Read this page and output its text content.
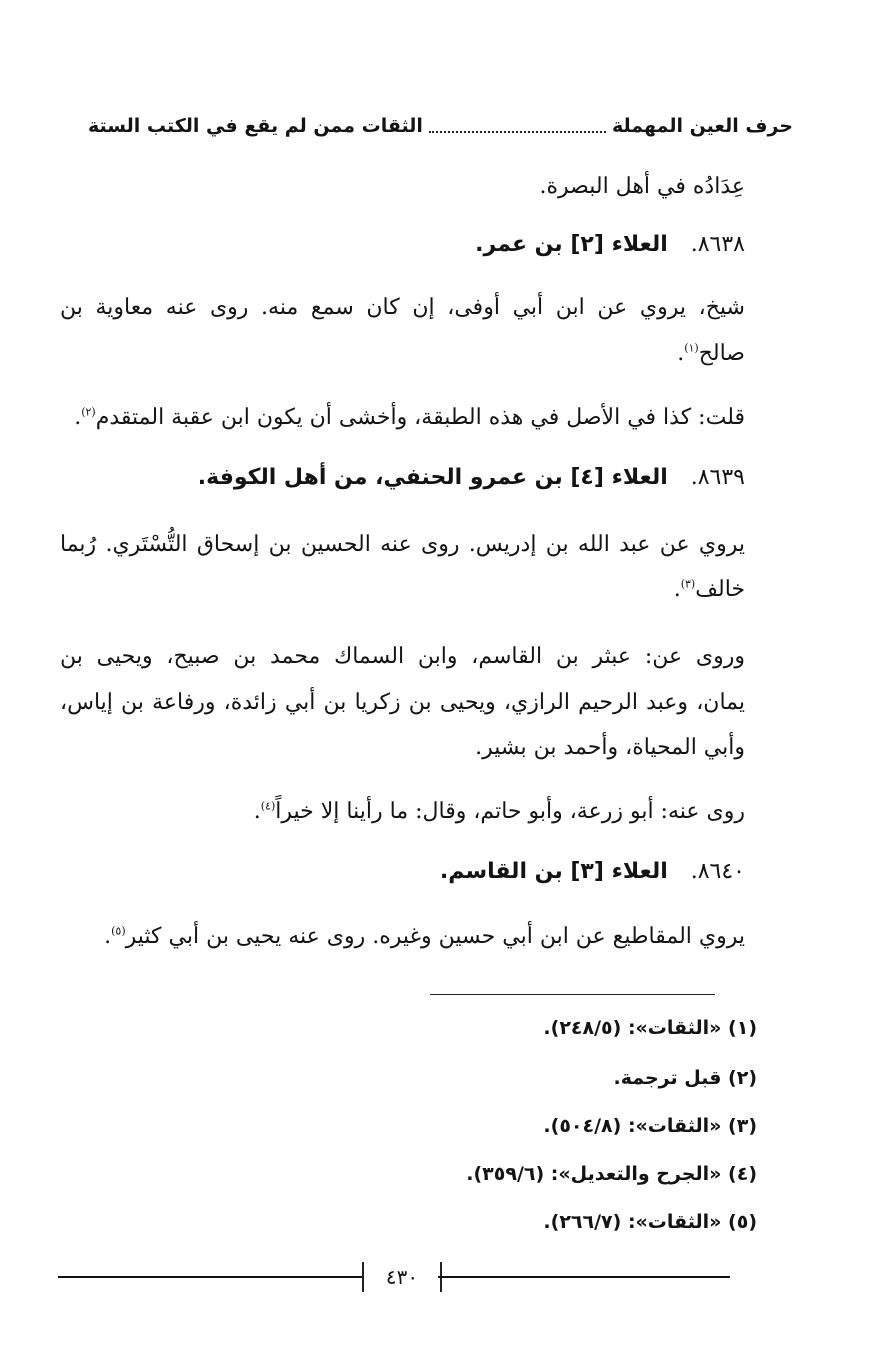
حرف العين المهملة
الثقات ممن لم يقع في الكتب الستة
عِدَادُه في أهل البصرة.
٨٦٣٨.   العلاء [٢] بن عمر.
شيخ، يروي عن ابن أبي أوفى، إن كان سمع منه. روى عنه معاوية بن
صالح$^{(١)}$.
قلت: كذا في الأصل في هذه الطبقة، وأخشى أن يكون ابن عقبة المتقدم$^{(٢)}$.
٨٦٣٩.   العلاء [٤] بن عمرو الحنفي، من أهل الكوفة.
يروي عن عبد الله بن إدريس. روى عنه الحسين بن إسحاق التُّسْتَري. رُبما
خالف$^{(٣)}$.
وروى عن: عبثر بن القاسم، وابن السماك محمد بن صبيح، ويحيى بن
يمان، وعبد الرحيم الرازي، ويحيى بن زكريا بن أبي زائدة، ورفاعة بن إياس،
وأبي المحياة، وأحمد بن بشير.
روى عنه: أبو زرعة، وأبو حاتم، وقال: ما رأينا إلا خيراً$^{(٤)}$.
٨٦٤٠.   العلاء [٣] بن القاسم.
يروي المقاطيع عن ابن أبي حسين وغيره. روى عنه يحيى بن أبي كثير$^{(٥)}$.
(١) «الثقات»: (٢٤٨/٥).
(٢) قبل ترجمة.
(٣) «الثقات»: (٥٠٤/٨).
(٤) «الجرح والتعديل»: (٣٥٩/٦).
(٥) «الثقات»: (٢٦٦/٧).
٤٣٠
